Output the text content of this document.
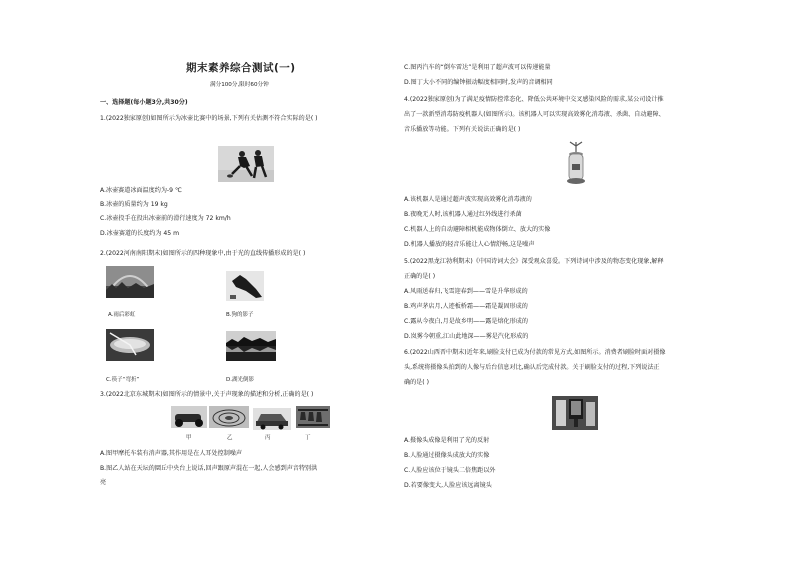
期末素养综合测试(一)
满分100分,限时60分钟
一、选择题(每小题3分,共30分)
1.(2022独家原创)如图所示为冰壶比赛中的场景,下列有关估测不符合实际的是( )
A.冰壶赛道冰面温度约为-9 ℃
B.冰壶的质量约为 19 kg
C.冰壶投手在投出冰壶前的滑行速度为 72 km/h
D.冰壶赛道的长度约为 45 m
2.(2022河南南阳期末)如图所示的四种现象中,由于光的直线传播形成的是( )
A.雨后彩虹	B.狗的影子
C.筷子“弯折”	D.湖光倒影
3.(2022北京东城期末)如图所示的情景中,关于声现象的描述和分析,正确的是( )
甲	乙	丙	丁
A.图甲摩托车装有消声器,其作用是在人耳处控制噪声
B.图乙人站在天坛的圜丘中央台上说话,回声跟原声混在一起,人会感到声音特别洪
亮
C.图丙汽车的“倒车雷达”是利用了超声波可以传递能量
D.图丁大小不同的编钟振动幅度相同时,发声的音调相同
4.(2022独家原创)为了满足疫情防控常态化、降低公共环境中交叉感染风险的需求,某公司设计推
出了一款新型消毒防疫机器人(如图所示)。该机器人可以实现高效雾化消毒液、杀菌、自动避障、
音乐播放等功能。下列有关说法正确的是( )
A.该机器人是通过超声波实现高效雾化消毒液的
B.夜晚无人时,该机器人通过红外线进行杀菌
C.机器人上的自动避障相机能成物体倒立、放大的实像
D.机器人播放的轻音乐能让人心情舒畅,这是噪声
5.(2022黑龙江勃利期末)《中国诗词大会》深受观众喜爱。下列诗词中涉及的物态变化现象,解释
正确的是( )
A.风雨送春归,飞雪迎春到——雪是升华形成的
B.鸡声茅店月,人迹板桥霜——霜是凝固形成的
C.露从今夜白,月是故乡明——露是熔化形成的
D.岚雾今朝重,江山此地深——雾是汽化形成的
6.(2022山西晋中期末)近年来,刷脸支付已成为付款的常见方式,如图所示。消费者刷脸时面对摄像
头,系统将摄像头拍到的人像与后台信息对比,确认后完成付款。关于刷脸支付的过程,下列说法正
确的是( )
A.摄像头成像是利用了光的反射
B.人脸通过摄像头成放大的实像
C.人脸应该位于镜头二倍焦距以外
D.若要像变大,人脸应该远离镜头
